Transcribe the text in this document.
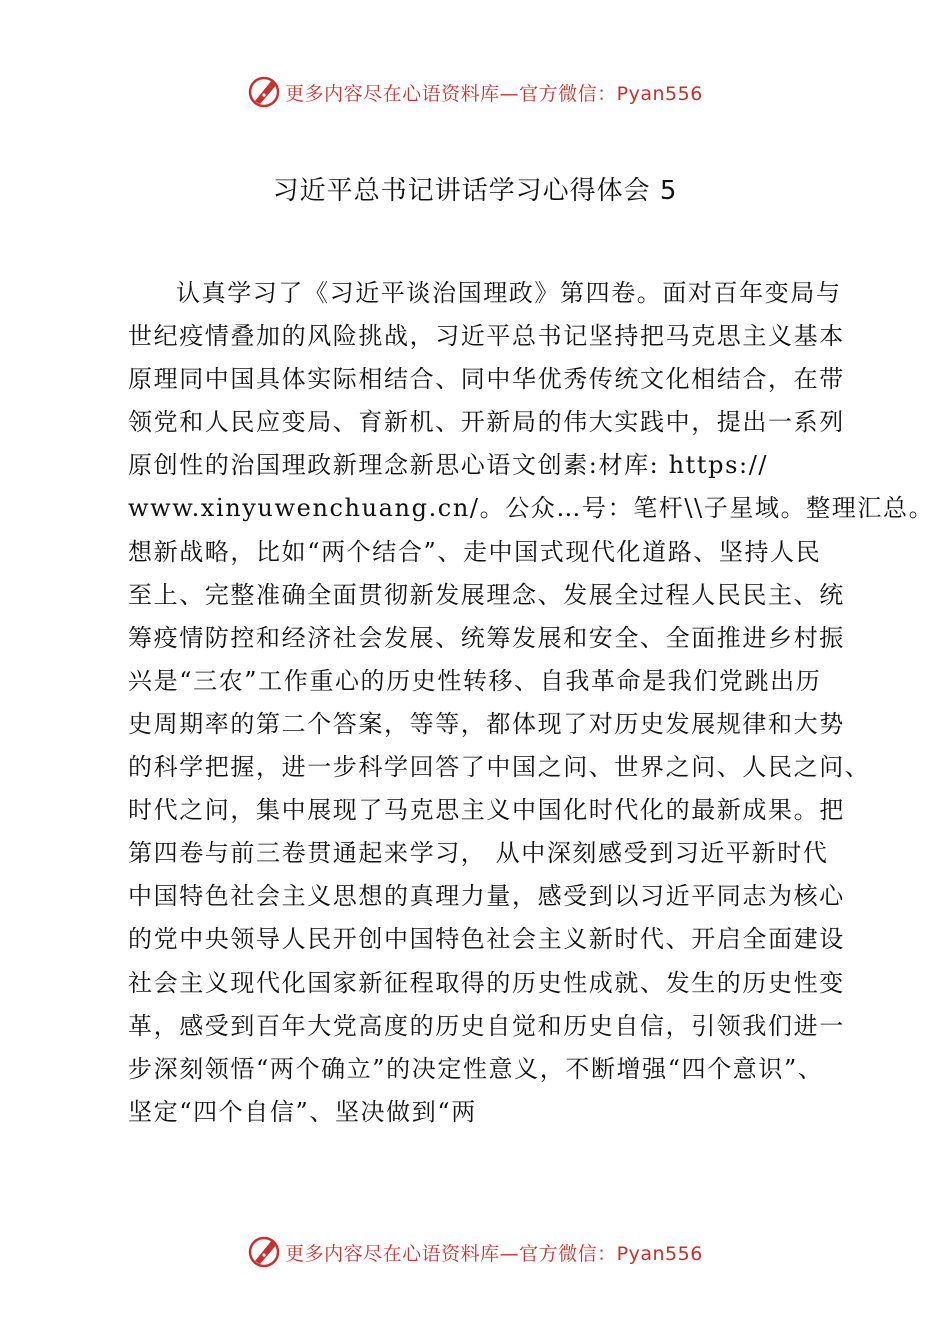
更多内容尽在心语资料库—官方微信：Pyan556
习近平总书记讲话学习心得体会 5
认真学习了《习近平谈治国理政》第四卷。面对百年变局与
世纪疫情叠加的风险挑战，习近平总书记坚持把马克思主义基本
原理同中国具体实际相结合、同中华优秀传统文化相结合，在带
领党和人民应变局、育新机、开新局的伟大实践中，提出一系列
原创性的治国理政新理念新思心语文创素:材库: https://
www.xinyuwenchuang.cn/。公众…号：笔杆\\子星域。整理汇总。
想新战略，比如“两个结合”、走中国式现代化道路、坚持人民
至上、完整准确全面贯彻新发展理念、发展全过程人民民主、统
筹疫情防控和经济社会发展、统筹发展和安全、全面推进乡村振
兴是“三农”工作重心的历史性转移、自我革命是我们党跳出历
史周期率的第二个答案，等等，都体现了对历史发展规律和大势
的科学把握，进一步科学回答了中国之问、世界之问、人民之问、
时代之问，集中展现了马克思主义中国化时代化的最新成果。把
第四卷与前三卷贯通起来学习， 从中深刻感受到习近平新时代
中国特色社会主义思想的真理力量，感受到以习近平同志为核心
的党中央领导人民开创中国特色社会主义新时代、开启全面建设
社会主义现代化国家新征程取得的历史性成就、发生的历史性变
革，感受到百年大党高度的历史自觉和历史自信，引领我们进一
步深刻领悟“两个确立”的决定性意义，不断增强“四个意识”、
坚定“四个自信”、坚决做到“两
更多内容尽在心语资料库—官方微信：Pyan556
